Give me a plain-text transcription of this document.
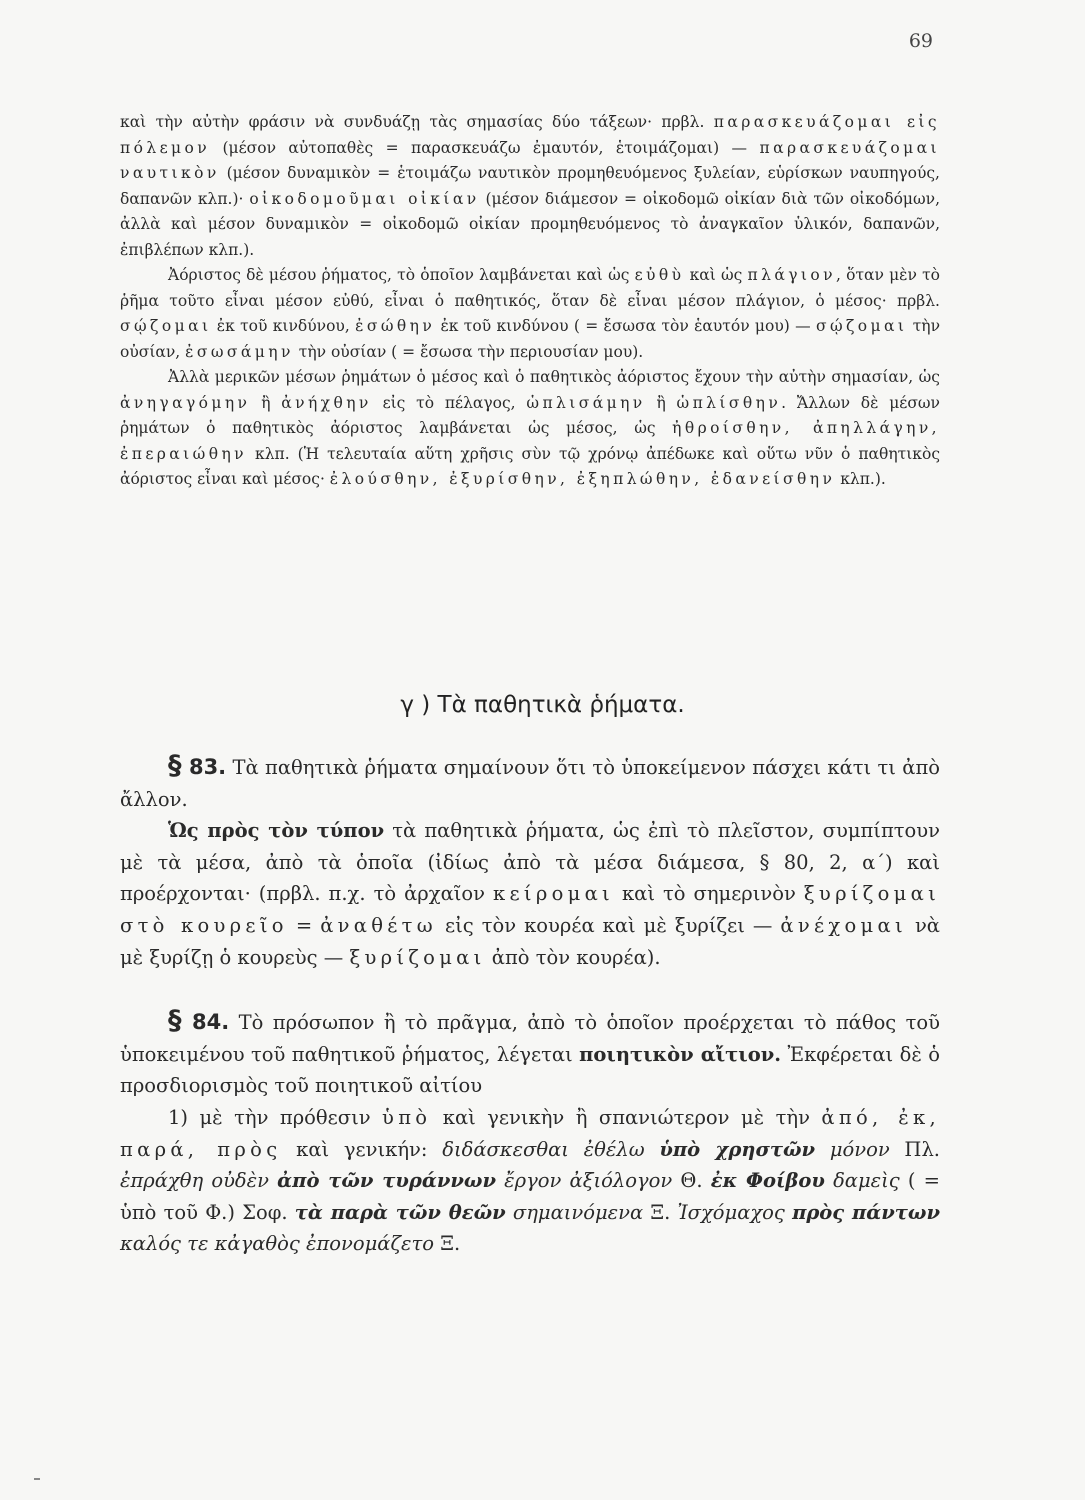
69

καὶ τὴν αὐτὴν φράσιν νὰ συνδυάζῃ τὰς σημασίας δύο τάξεων· πρβλ. παρασκευάζομαι εἰς πόλεμον (μέσον αὐτοπαθὲς = παρασκευάζω ἐμαυτόν, ἑτοιμάζομαι) — παρασκευάζομαι ναυτικὸν (μέσον δυναμικὸν = ἑτοιμάζω ναυτικὸν προμηθευόμενος ξυλείαν, εὑρίσκων ναυπηγούς, δαπανῶν κλπ.)· οἰκοδομοῦμαι οἰκίαν (μέσον διάμεσον = οἰκοδομῶ οἰκίαν διὰ τῶν οἰκοδόμων, ἀλλὰ καὶ μέσον δυναμικὸν = οἰκοδομῶ οἰκίαν προμηθευόμενος τὸ ἀναγκαῖον ὑλικόν, δαπανῶν, ἐπιβλέπων κλπ.).

Ἀόριστος δὲ μέσου ῥήματος, τὸ ὁποῖον λαμβάνεται καὶ ὡς εὐθὺ καὶ ὡς πλάγιον, ὅταν μὲν τὸ ῥῆμα τοῦτο εἶναι μέσον εὐθύ, εἶναι ὁ παθητικός, ὅταν δὲ εἶναι μέσον πλάγιον, ὁ μέσος· πρβλ. σῴζομαι ἐκ τοῦ κινδύνου, ἐσώθην ἐκ τοῦ κινδύνου ( = ἔσωσα τὸν ἑαυτόν μου) — σῴζομαι τὴν οὐσίαν, ἐσωσάμην τὴν οὐσίαν ( = ἔσωσα τὴν περιουσίαν μου).

Ἀλλὰ μερικῶν μέσων ῥημάτων ὁ μέσος καὶ ὁ παθητικὸς ἀόριστος ἔχουν τὴν αὐτὴν σημασίαν, ὡς ἀνηγαγόμην ἢ ἀνήχθην εἰς τὸ πέλαγος, ὡπλισάμην ἢ ὡπλίσθην. Ἄλλων δὲ μέσων ῥημάτων ὁ παθητικὸς ἀόριστος λαμβάνεται ὡς μέσος, ὡς ἠθροίσθην, ἀπηλλάγην, ἐπεραιώθην κλπ. (Ἡ τελευταία αὕτη χρῆσις σὺν τῷ χρόνῳ ἀπέδωκε καὶ οὕτω νῦν ὁ παθητικὸς ἀόριστος εἶναι καὶ μέσος· ἐλούσθην, ἐξυρίσθην, ἐξηπλώθην, ἐδανείσθην κλπ.).

γ ) Τὰ παθητικὰ ῥήματα.

§ 83. Τὰ παθητικὰ ῥήματα σημαίνουν ὅτι τὸ ὑποκείμενον πάσχει κάτι τι ἀπὸ ἄλλον.

Ὡς πρὸς τὸν τύπον τὰ παθητικὰ ῥήματα, ὡς ἐπὶ τὸ πλεῖστον, συμπίπτουν μὲ τὰ μέσα, ἀπὸ τὰ ὁποῖα (ἰδίως ἀπὸ τὰ μέσα διάμεσα, § 80, 2, α΄) καὶ προέρχονται· (πρβλ. π.χ. τὸ ἀρχαῖον κείρομαι καὶ τὸ σημερινὸν ξυρίζομαι στὸ κουρεῖο = ἀναθέτω εἰς τὸν κουρέα καὶ μὲ ξυρίζει — ἀνέχομαι νὰ μὲ ξυρίζῃ ὁ κουρεὺς — ξυρίζομαι ἀπὸ τὸν κουρέα).

§ 84. Τὸ πρόσωπον ἢ τὸ πρᾶγμα, ἀπὸ τὸ ὁποῖον προέρχεται τὸ πάθος τοῦ ὑποκειμένου τοῦ παθητικοῦ ῥήματος, λέγεται ποιητικὸν αἴτιον. Ἐκφέρεται δὲ ὁ προσδιορισμὸς τοῦ ποιητικοῦ αἰτίου

1) μὲ τὴν πρόθεσιν ὑπὸ καὶ γενικὴν ἢ σπανιώτερον μὲ τὴν ἀπό, ἐκ, παρά, πρὸς καὶ γενικήν: διδάσκεσθαι ἐθέλω ὑπὸ χρηστῶν μόνον Πλ. ἐπράχθη οὐδὲν ἀπὸ τῶν τυράννων ἔργον ἀξιόλογον Θ. ἐκ Φοίβου δαμεὶς ( = ὑπὸ τοῦ Φ.) Σοφ. τὰ παρὰ τῶν θεῶν σημαινόμενα Ξ. Ἰσχόμαχος πρὸς πάντων καλός τε κἀγαθὸς ἐπονομάζετο Ξ.
